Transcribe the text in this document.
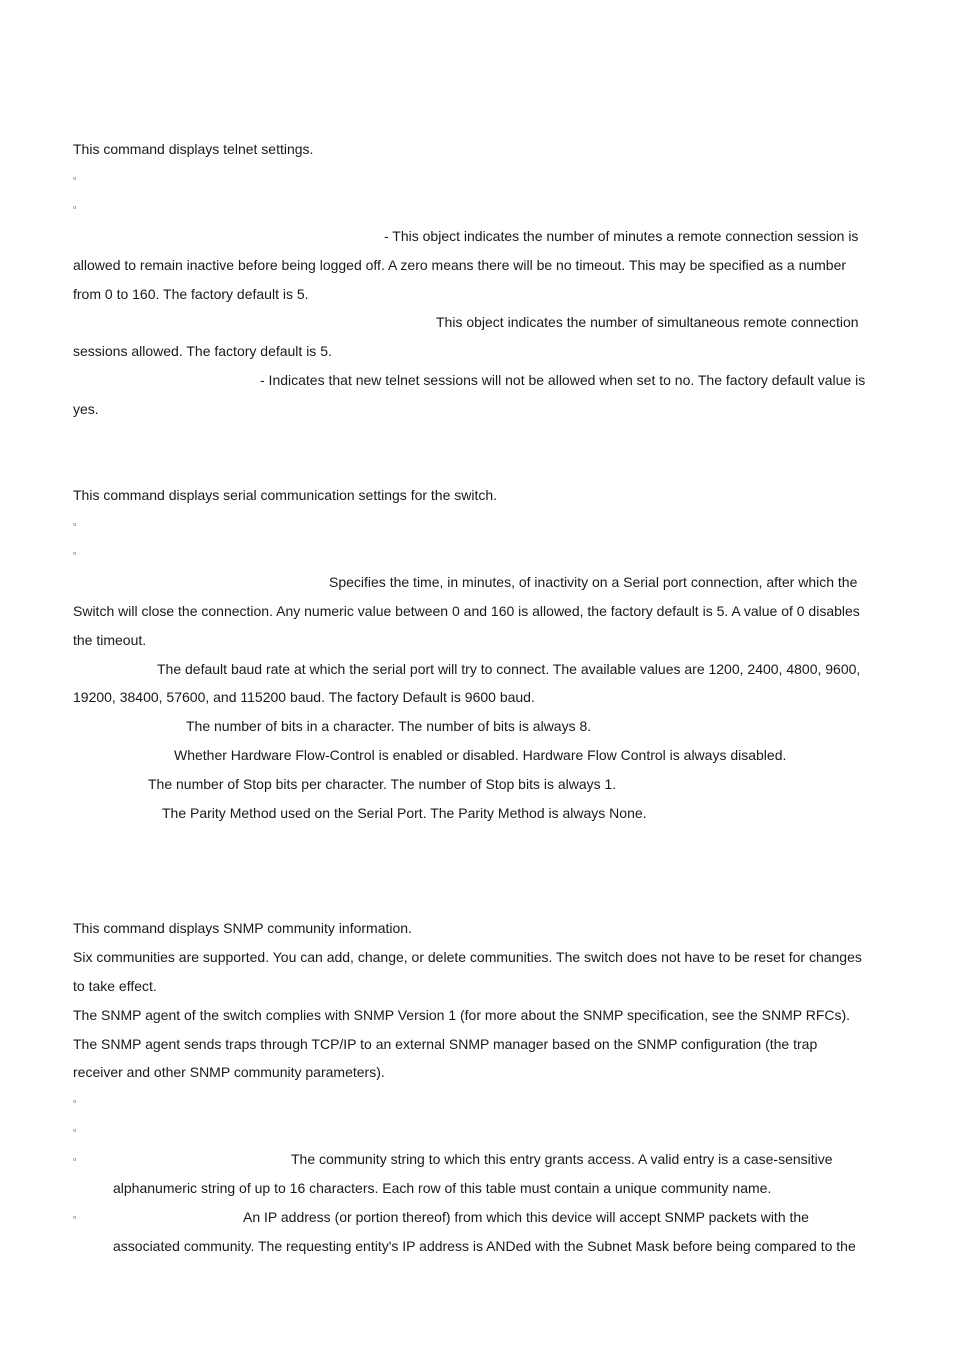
This command displays telnet settings.
▫
▫
- This object indicates the number of minutes a remote connection session is
allowed to remain inactive before being logged off. A zero means there will be no timeout. This may be specified as a number
from 0 to 160. The factory default is 5.
This object indicates the number of simultaneous remote connection
sessions allowed. The factory default is 5.
- Indicates that new telnet sessions will not be allowed when set to no. The factory default value is
yes.
This command displays serial communication settings for the switch.
▫
▫
Specifies the time, in minutes, of inactivity on a Serial port connection, after which the
Switch will close the connection. Any numeric value between 0 and 160 is allowed, the factory default is 5. A value of 0 disables
the timeout.
The default baud rate at which the serial port will try to connect. The available values are 1200, 2400, 4800, 9600,
19200, 38400, 57600, and 115200 baud. The factory Default is 9600 baud.
The number of bits in a character. The number of bits is always 8.
Whether Hardware Flow-Control is enabled or disabled. Hardware Flow Control is always disabled.
The number of Stop bits per character. The number of Stop bits is always 1.
The Parity Method used on the Serial Port. The Parity Method is always None.
This command displays SNMP community information.
Six communities are supported. You can add, change, or delete communities. The switch does not have to be reset for changes
to take effect.
The SNMP agent of the switch complies with SNMP Version 1 (for more about the SNMP specification, see the SNMP RFCs).
The SNMP agent sends traps through TCP/IP to an external SNMP manager based on the SNMP configuration (the trap
receiver and other SNMP community parameters).
▫
▫
▫	The community string to which this entry grants access. A valid entry is a case-sensitive
alphanumeric string of up to 16 characters. Each row of this table must contain a unique community name.
▫	An IP address (or portion thereof) from which this device will accept SNMP packets with the
associated community. The requesting entity's IP address is ANDed with the Subnet Mask before being compared to the
